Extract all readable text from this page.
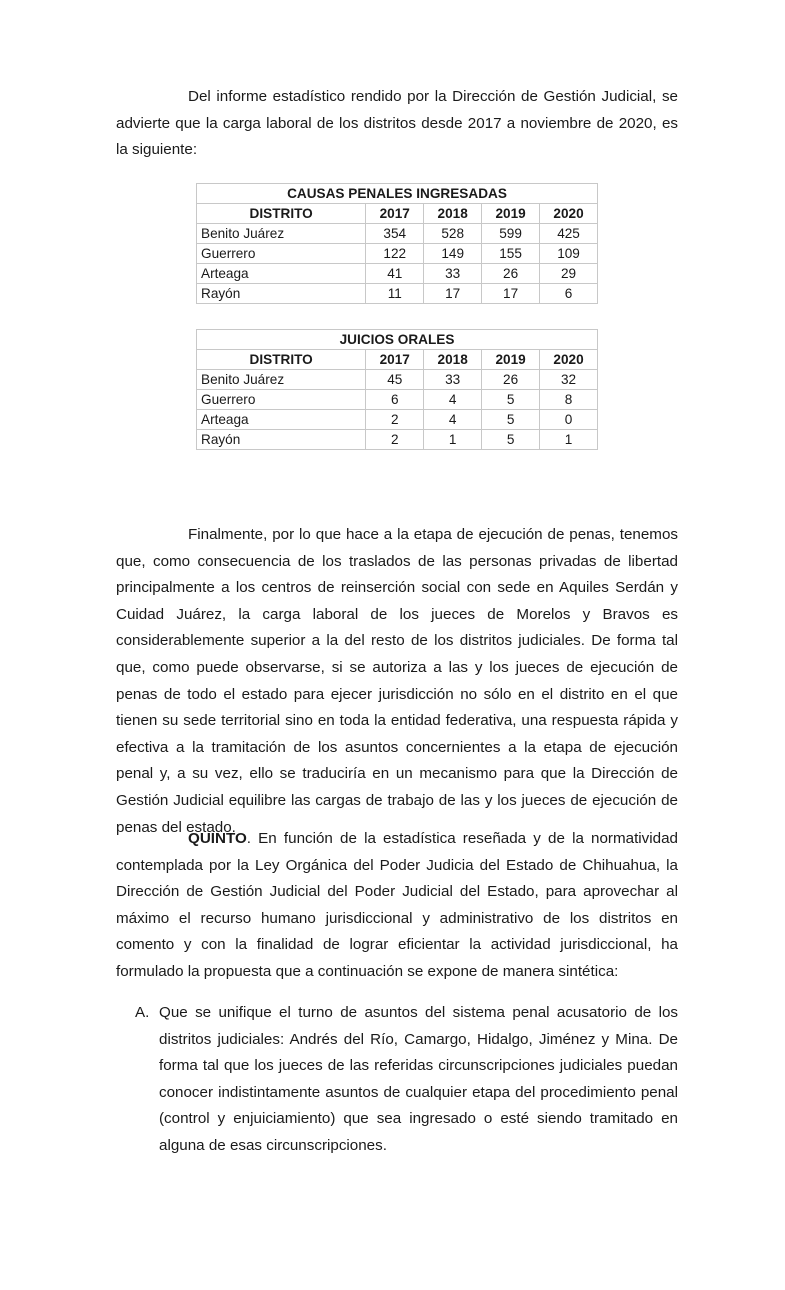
Del informe estadístico rendido por la Dirección de Gestión Judicial, se advierte que la carga laboral de los distritos desde 2017 a noviembre de 2020, es la siguiente:

CAUSAS PENALES INGRESADAS				
DISTRITO	2017	2018	2019	2020
Benito Juárez	354	528	599	425
Guerrero	122	149	155	109
Arteaga	41	33	26	29
Rayón	11	17	17	6
JUICIOS ORALES				
DISTRITO	2017	2018	2019	2020
Benito Juárez	45	33	26	32
Guerrero	6	4	5	8
Arteaga	2	4	5	0
Rayón	2	1	5	1

Finalmente, por lo que hace a la etapa de ejecución de penas, tenemos que, como consecuencia de los traslados de las personas privadas de libertad principalmente a los centros de reinserción social con sede en Aquiles Serdán y Cuidad Juárez, la carga laboral de los jueces de Morelos y Bravos es considerablemente superior a la del resto de los distritos judiciales. De forma tal que, como puede observarse, si se autoriza a las y los jueces de ejecución de penas de todo el estado para ejecer jurisdicción no sólo en el distrito en el que tienen su sede territorial sino en toda la entidad federativa, una respuesta rápida y efectiva a la tramitación de los asuntos concernientes a la etapa de ejecución penal y, a su vez, ello se traduciría en un mecanismo para que la Dirección de Gestión Judicial equilibre las cargas de trabajo de las y los jueces de ejecución de penas del estado.

QUINTO. En función de la estadística reseñada y de la normatividad contemplada por la Ley Orgánica del Poder Judicia del Estado de Chihuahua, la Dirección de Gestión Judicial del Poder Judicial del Estado, para aprovechar al máximo el recurso humano jurisdiccional y administrativo de los distritos en comento y con la finalidad de lograr eficientar la actividad jurisdiccional, ha formulado la propuesta que a continuación se expone de manera sintética:

A. Que se unifique el turno de asuntos del sistema penal acusatorio de los distritos judiciales: Andrés del Río, Camargo, Hidalgo, Jiménez y Mina. De forma tal que los jueces de las referidas circunscripciones judiciales puedan conocer indistintamente asuntos de cualquier etapa del procedimiento penal (control y enjuiciamiento) que sea ingresado o esté siendo tramitado en alguna de esas circunscripciones.
